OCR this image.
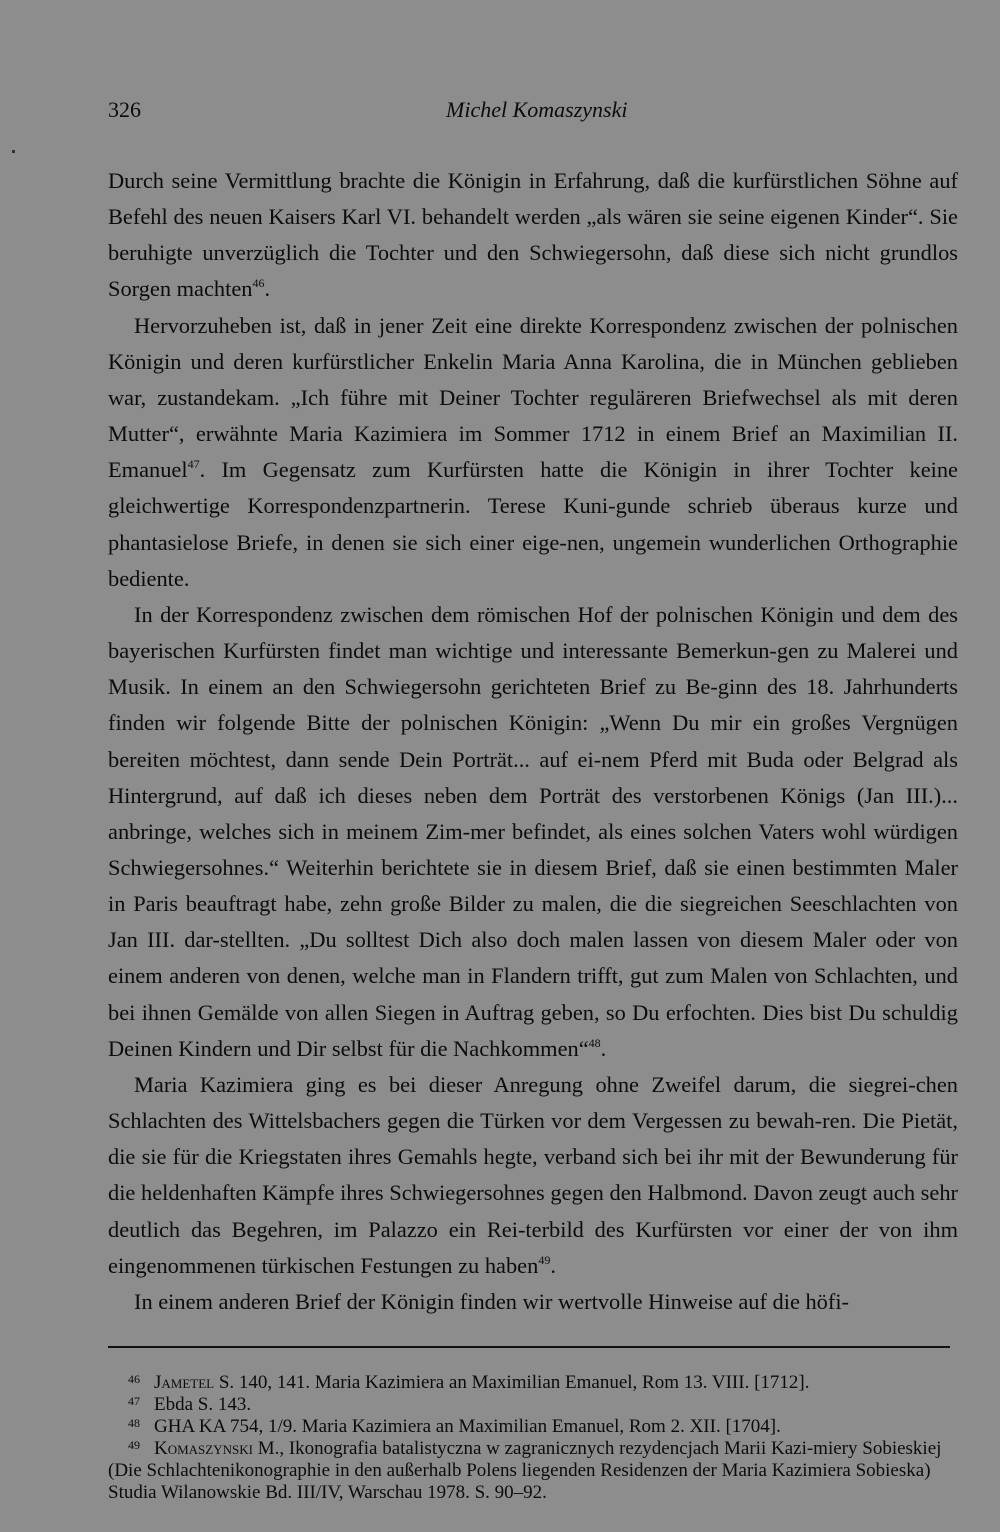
326	Michel Komaszynski

Durch seine Vermittlung brachte die Königin in Erfahrung, daß die kurfürstlichen Söhne auf Befehl des neuen Kaisers Karl VI. behandelt werden „als wären sie seine eigenen Kinder“. Sie beruhigte unverzüglich die Tochter und den Schwiegersohn, daß diese sich nicht grundlos Sorgen machten$^{46}$.

Hervorzuheben ist, daß in jener Zeit eine direkte Korrespondenz zwischen der polnischen Königin und deren kurfürstlicher Enkelin Maria Anna Karolina, die in München geblieben war, zustandekam. „Ich führe mit Deiner Tochter reguläreren Briefwechsel als mit deren Mutter“, erwähnte Maria Kazimiera im Sommer 1712 in einem Brief an Maximilian II. Emanuel$^{47}$. Im Gegensatz zum Kurfürsten hatte die Königin in ihrer Tochter keine gleichwertige Korrespondenzpartnerin. Terese Kuni-gunde schrieb überaus kurze und phantasielose Briefe, in denen sie sich einer eige-nen, ungemein wunderlichen Orthographie bediente.

In der Korrespondenz zwischen dem römischen Hof der polnischen Königin und dem des bayerischen Kurfürsten findet man wichtige und interessante Bemerkun-gen zu Malerei und Musik. In einem an den Schwiegersohn gerichteten Brief zu Be-ginn des 18. Jahrhunderts finden wir folgende Bitte der polnischen Königin: „Wenn Du mir ein großes Vergnügen bereiten möchtest, dann sende Dein Porträt... auf ei-nem Pferd mit Buda oder Belgrad als Hintergrund, auf daß ich dieses neben dem Porträt des verstorbenen Königs (Jan III.)... anbringe, welches sich in meinem Zim-mer befindet, als eines solchen Vaters wohl würdigen Schwiegersohnes.“ Weiterhin berichtete sie in diesem Brief, daß sie einen bestimmten Maler in Paris beauftragt habe, zehn große Bilder zu malen, die die siegreichen Seeschlachten von Jan III. dar-stellten. „Du solltest Dich also doch malen lassen von diesem Maler oder von einem anderen von denen, welche man in Flandern trifft, gut zum Malen von Schlachten, und bei ihnen Gemälde von allen Siegen in Auftrag geben, so Du erfochten. Dies bist Du schuldig Deinen Kindern und Dir selbst für die Nachkommen“$^{48}$.

Maria Kazimiera ging es bei dieser Anregung ohne Zweifel darum, die siegrei-chen Schlachten des Wittelsbachers gegen die Türken vor dem Vergessen zu bewah-ren. Die Pietät, die sie für die Kriegstaten ihres Gemahls hegte, verband sich bei ihr mit der Bewunderung für die heldenhaften Kämpfe ihres Schwiegersohnes gegen den Halbmond. Davon zeugt auch sehr deutlich das Begehren, im Palazzo ein Rei-terbild des Kurfürsten vor einer der von ihm eingenommenen türkischen Festungen zu haben$^{49}$.

In einem anderen Brief der Königin finden wir wertvolle Hinweise auf die höfi-

$^{46}$ Jametel S. 140, 141. Maria Kazimiera an Maximilian Emanuel, Rom 13. VIII. [1712].

$^{47}$ Ebda S. 143.

$^{48}$ GHA KA 754, 1/9. Maria Kazimiera an Maximilian Emanuel, Rom 2. XII. [1704].

$^{49}$ Komaszynski M., Ikonografia batalistyczna w zagranicznych rezydencjach Marii Kazi-miery Sobieskiej (Die Schlachtenikonographie in den außerhalb Polens liegenden Residenzen der Maria Kazimiera Sobieska) Studia Wilanowskie Bd. III/IV, Warschau 1978. S. 90–92.
